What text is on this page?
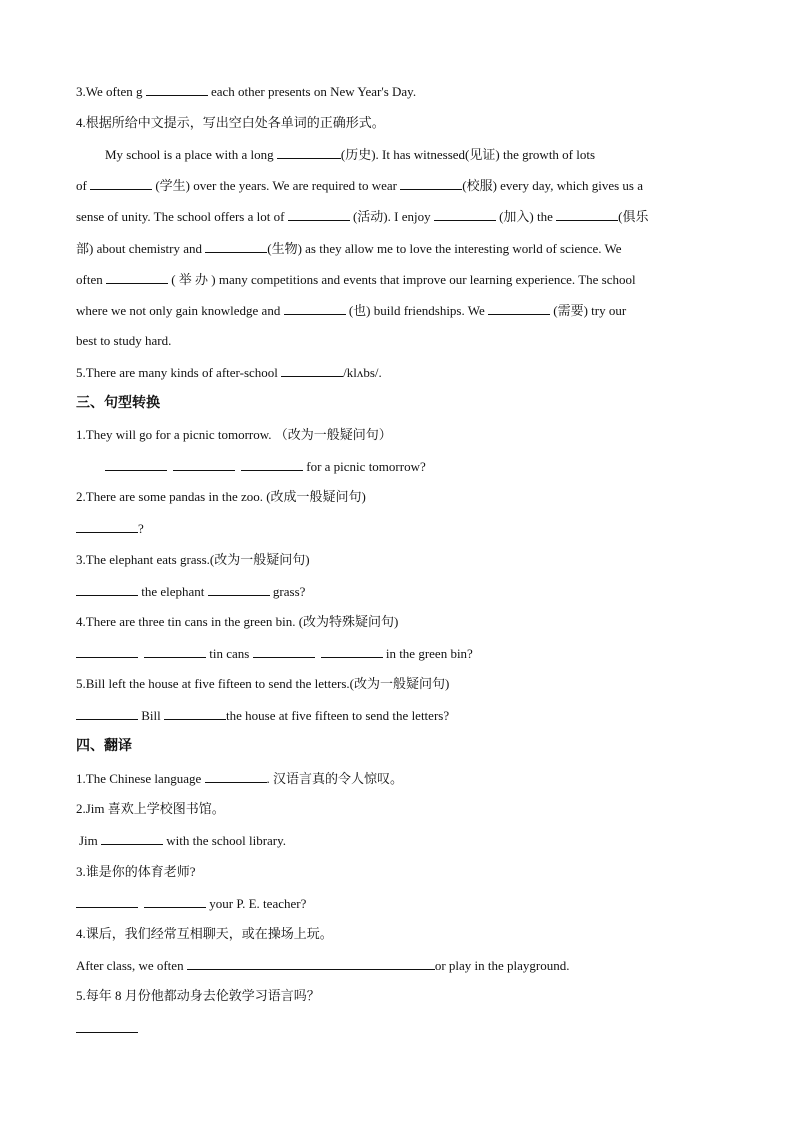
3.We often g	each other presents on New Year's Day.
4.根据所给中文提示，写出空白处各单词的正确形式。
My school is a place with a long	(历史). It has witnessed(见证) the growth of lots
of	(学生) over the years. We are required to wear	(校服) every day, which gives us a
sense of unity. The school offers a lot of	(活动). I enjoy	(加入) the	(俱乐
部) about chemistry and	(生物) as they allow me to love the interesting world of science. We
often	( 举 办 ) many competitions and events that improve our learning experience. The school
where we not only gain knowledge and	(也) build friendships. We	(需要) try our
best to study hard.
5.There are many kinds of after-school	/klʌbs/.
三、句型转换
1.They will go for a picnic tomorrow. （改为一般疑问句）
for a picnic tomorrow?
2.There are some pandas in the zoo. (改成一般疑问句)
?
3.The elephant eats grass.(改为一般疑问句)
the elephant	grass?
4.There are three tin cans in the green bin. (改为特殊疑问句)
tin cans	in the green bin?
5.Bill left the house at five fifteen to send the letters.(改为一般疑问句)
Bill	the house at five fifteen to send the letters?
四、翻译
1.The Chinese language	. 汉语言真的令人惊叹。
2.Jim 喜欢上学校图书馆。
Jim	with the school library.
3.谁是你的体育老师?
your P. E. teacher?
4.课后，我们经常互相聊天，或在操场上玩。
After class, we often	or play in the playground.
5.每年 8 月份他都动身去伦敦学习语言吗？
